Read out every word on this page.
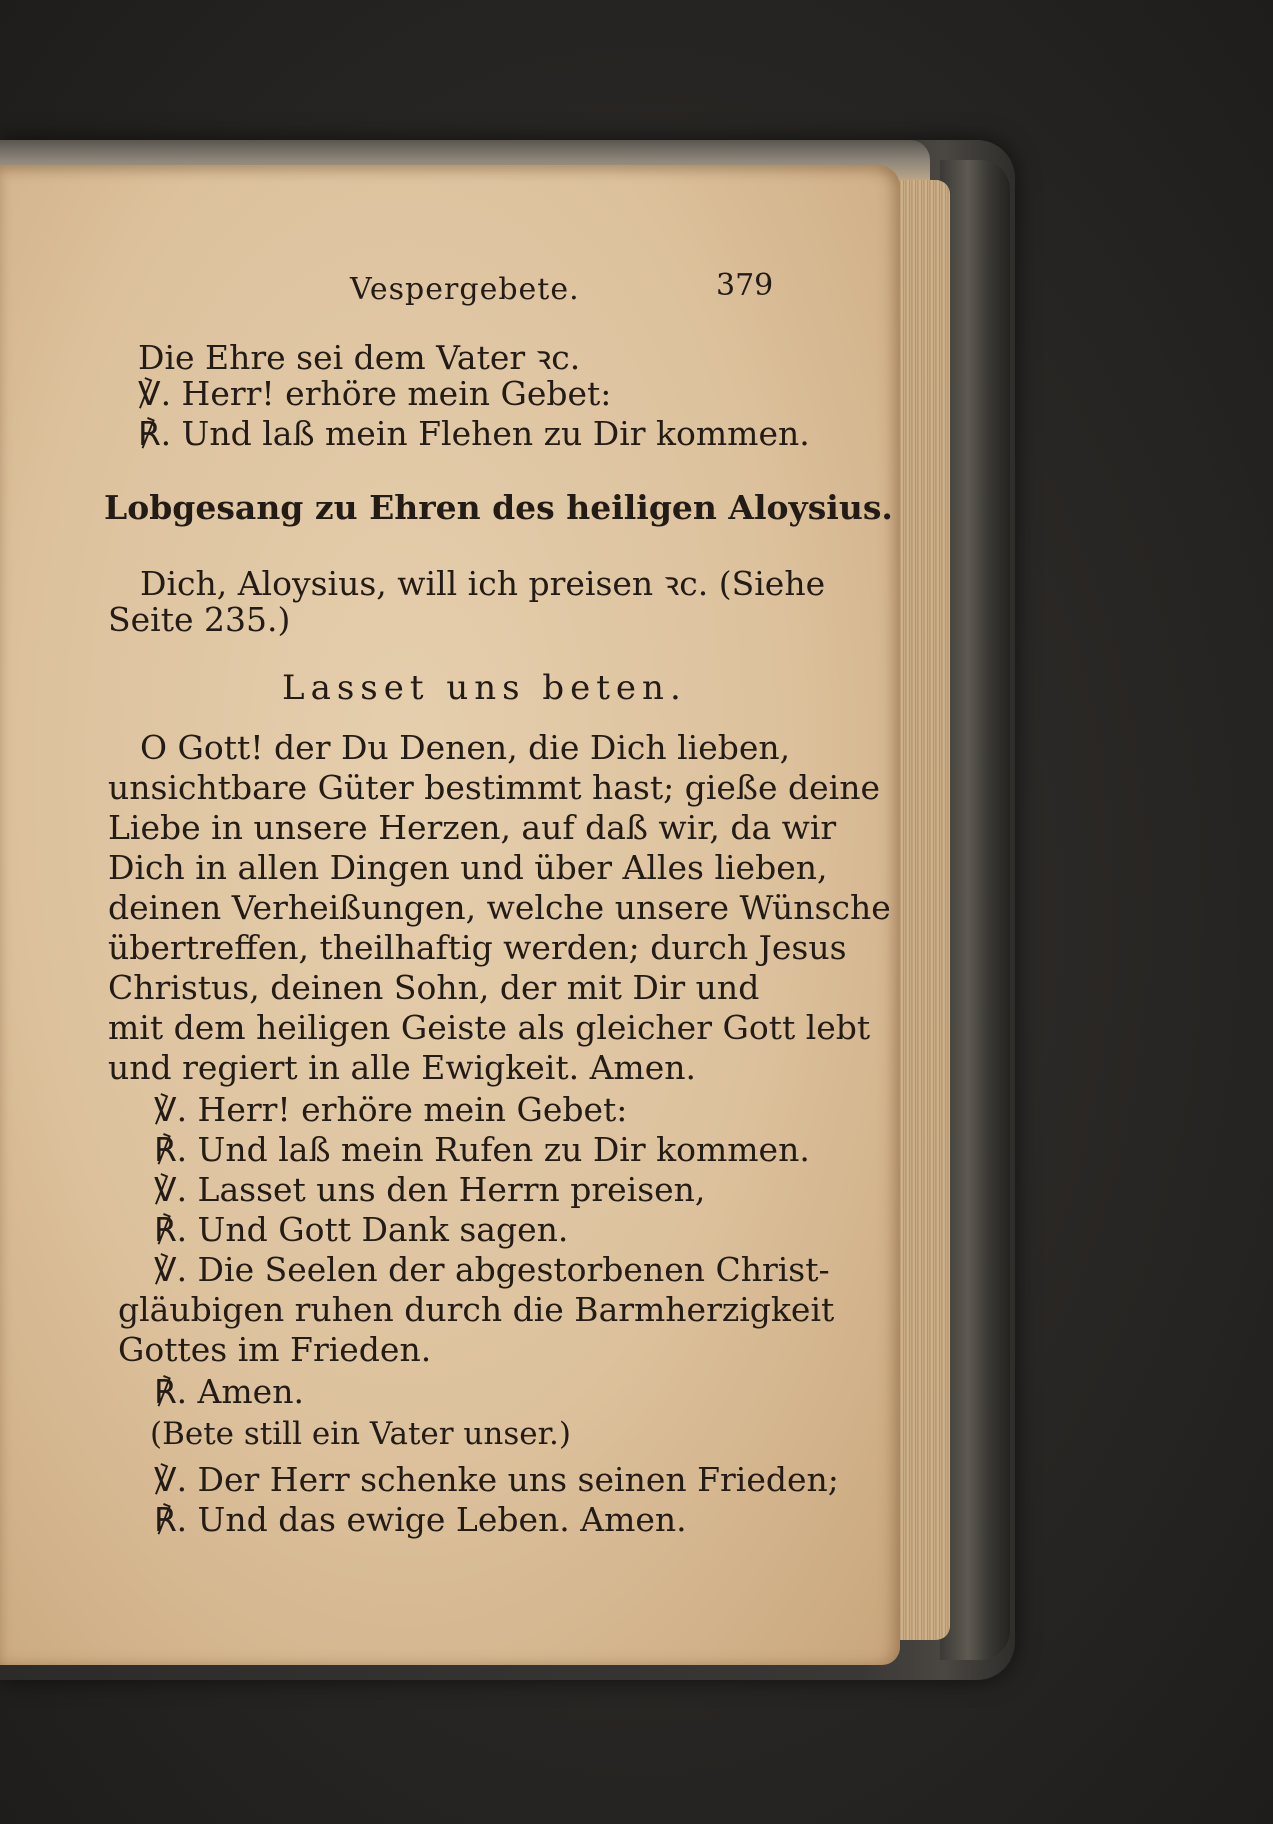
Vespergebete.	379
Die Ehre sei dem Vater ꝛc.
℣. Herr! erhöre mein Gebet:
℟. Und laß mein Flehen zu Dir kommen.
Lobgesang zu Ehren des heiligen Aloysius.
Dich, Aloysius, will ich preisen ꝛc. (Siehe
Seite 235.)
Lasset uns beten.
O Gott! der Du Denen, die Dich lieben,
unsichtbare Güter bestimmt hast; gieße deine
Liebe in unsere Herzen, auf daß wir, da wir
Dich in allen Dingen und über Alles lieben,
deinen Verheißungen, welche unsere Wünsche
übertreffen, theilhaftig werden; durch Jesus
Christus, deinen Sohn, der mit Dir und
mit dem heiligen Geiste als gleicher Gott lebt
und regiert in alle Ewigkeit. Amen.
℣. Herr! erhöre mein Gebet:
℟. Und laß mein Rufen zu Dir kommen.
℣. Lasset uns den Herrn preisen,
℟. Und Gott Dank sagen.
℣. Die Seelen der abgestorbenen Christ-
gläubigen ruhen durch die Barmherzigkeit
Gottes im Frieden.
℟. Amen.
(Bete still ein Vater unser.)
℣. Der Herr schenke uns seinen Frieden;
℟. Und das ewige Leben. Amen.
